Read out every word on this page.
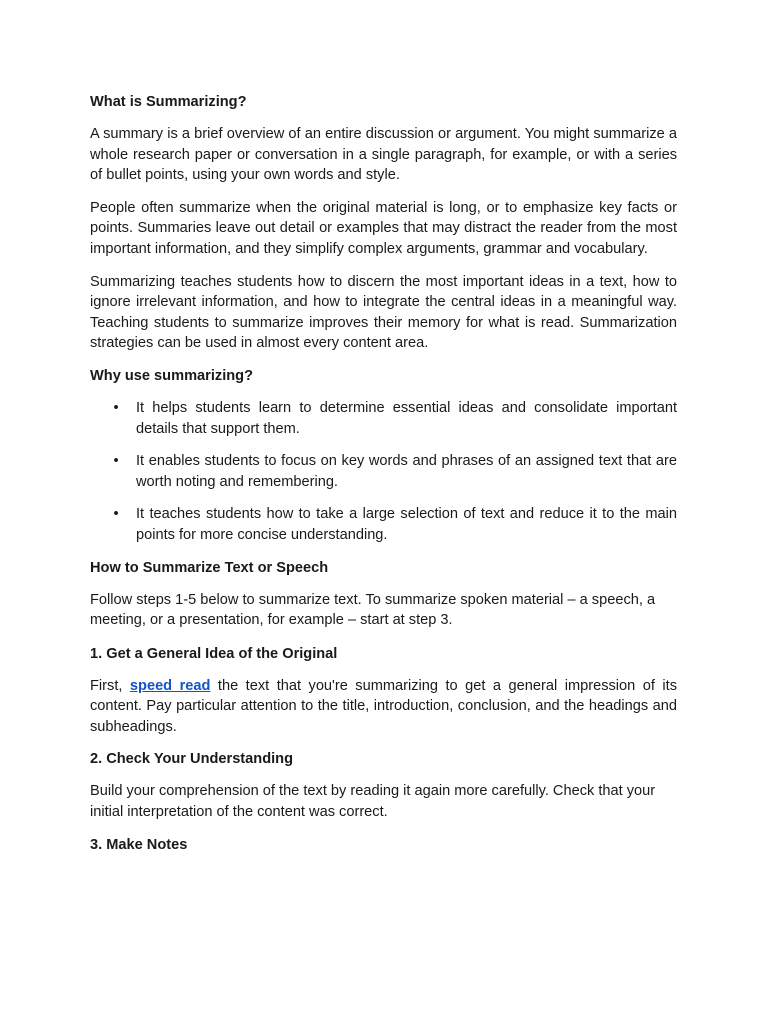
What is Summarizing?

A summary is a brief overview of an entire discussion or argument. You might summarize a whole research paper or conversation in a single paragraph, for example, or with a series of bullet points, using your own words and style.

People often summarize when the original material is long, or to emphasize key facts or points. Summaries leave out detail or examples that may distract the reader from the most important information, and they simplify complex arguments, grammar and vocabulary.

Summarizing teaches students how to discern the most important ideas in a text, how to ignore irrelevant information, and how to integrate the central ideas in a meaningful way. Teaching students to summarize improves their memory for what is read. Summarization strategies can be used in almost every content area.

Why use summarizing?
• It helps students learn to determine essential ideas and consolidate important details that support them.
• It enables students to focus on key words and phrases of an assigned text that are worth noting and remembering.
• It teaches students how to take a large selection of text and reduce it to the main points for more concise understanding.
How to Summarize Text or Speech

Follow steps 1-5 below to summarize text. To summarize spoken material – a speech, a meeting, or a presentation, for example – start at step 3.

1. Get a General Idea of the Original

First, speed read the text that you're summarizing to get a general impression of its content. Pay particular attention to the title, introduction, conclusion, and the headings and subheadings.

2. Check Your Understanding

Build your comprehension of the text by reading it again more carefully. Check that your initial interpretation of the content was correct.

3. Make Notes
